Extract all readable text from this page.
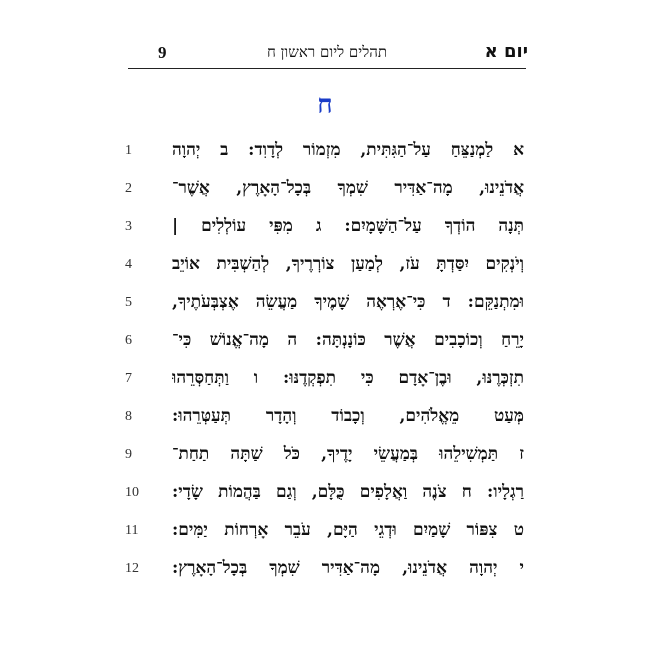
9	תהלים ליום ראשון ח	יום א
ח
1	א לַמְנַצֵּחַ עַל־הַגִּתִּית, מִזְמוֹר לְדָוִד: ב יְהוָה
2	אֲדֹנֵינוּ, מָה־אַדִּיר שִׁמְךָ בְּכָל־הָאָרֶץ, אֲשֶׁר־
3	תְּנָה הוֹדְךָ עַל־הַשָּׁמָיִם: ג מִפִּי עוֹלְלִים |
4	וְיֹנְקִים יִסַּדְתָּ עֹז, לְמַעַן צוֹרְרֶיךָ, לְהַשְׁבִּית אוֹיֵב
5	וּמִתְנַקֵּם: ד כִּי־אֶרְאֶה שָׁמֶיךָ מַעֲשֵׂה אֶצְבְּעֹתֶיךָ,
6	יָרֵחַ וְכוֹכָבִים אֲשֶׁר כּוֹנָנְתָּה: ה מָה־אֱנוֹשׁ כִּי־
7	תִזְכְּרֶנּוּ, וּבֶן־אָדָם כִּי תִפְקְדֶנּוּ: ו וַתְּחַסְּרֵהוּ
8	מְּעַט מֵאֱלֹהִים, וְכָבוֹד וְהָדָר תְּעַטְּרֵהוּ:
9	ז תַּמְשִׁילֵהוּ בְּמַעֲשֵׂי יָדֶיךָ, כֹּל שַׁתָּה תַחַת־
10	רַגְלָיו: ח צֹנֶה וַאֲלָפִים כֻּלָּם, וְגַם בַּהֲמוֹת שָׂדָי:
11	ט צִפּוֹר שָׁמַיִם וּדְגֵי הַיָּם, עֹבֵר אָרְחוֹת יַמִּים:
12	י יְהוָה אֲדֹנֵינוּ, מָה־אַדִּיר שִׁמְךָ בְּכָל־הָאָרֶץ:
